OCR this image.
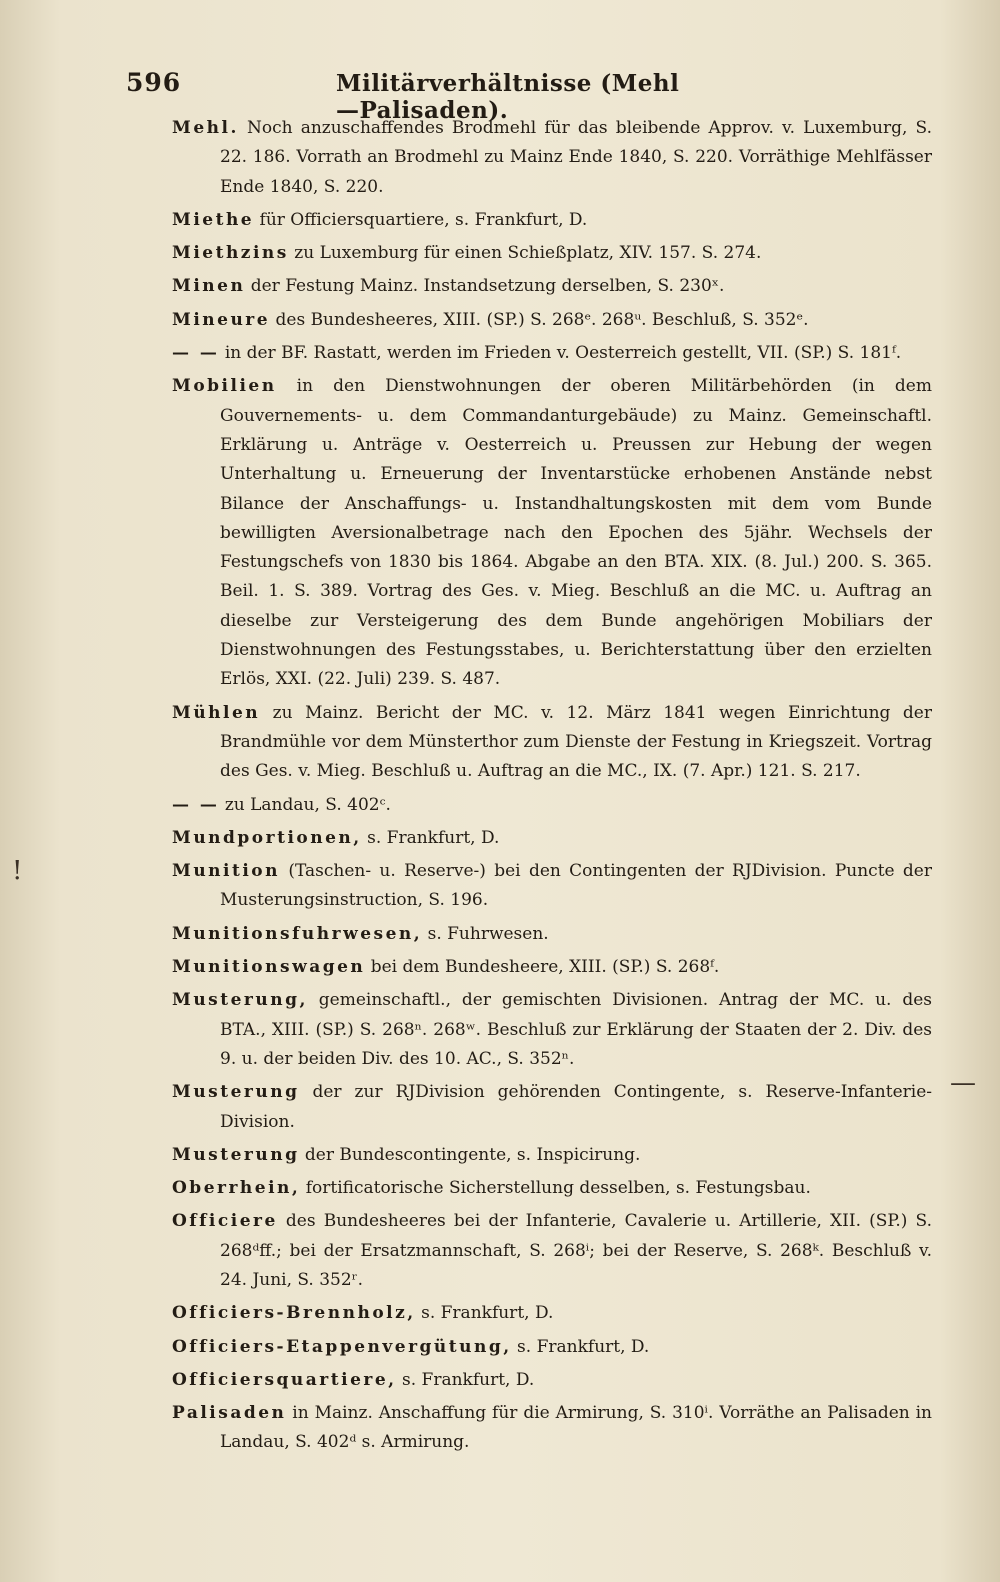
596	Militärverhältnisse (Mehl—Palisaden).

Mehl. Noch anzuschaffendes Brodmehl für das bleibende Approv. v. Luxemburg, S. 22. 186. Vorrath an Brodmehl zu Mainz Ende 1840, S. 220. Vorräthige Mehlfässer Ende 1840, S. 220.

Miethe für Officiersquartiere, s. Frankfurt, D.

Miethzins zu Luxemburg für einen Schießplatz, XIV. 157. S. 274.

Minen der Festung Mainz. Instandsetzung derselben, S. 230ˣ.

Mineure des Bundesheeres, XIII. (SP.) S. 268ᵉ. 268ᵘ. Beschluß, S. 352ᵉ.

— — in der BF. Rastatt, werden im Frieden v. Oesterreich gestellt, VII. (SP.) S. 181ᶠ.

Mobilien in den Dienstwohnungen der oberen Militärbehörden (in dem Gouvernements- u. dem Commandanturgebäude) zu Mainz. Gemeinschaftl. Erklärung u. Anträge v. Oesterreich u. Preussen zur Hebung der wegen Unterhaltung u. Erneuerung der Inventarstücke erhobenen Anstände nebst Bilance der Anschaffungs- u. Instandhaltungskosten mit dem vom Bunde bewilligten Aversionalbetrage nach den Epochen des 5jähr. Wechsels der Festungschefs von 1830 bis 1864. Abgabe an den BTA. XIX. (8. Jul.) 200. S. 365. Beil. 1. S. 389. Vortrag des Ges. v. Mieg. Beschluß an die MC. u. Auftrag an dieselbe zur Versteigerung des dem Bunde angehörigen Mobiliars der Dienstwohnungen des Festungsstabes, u. Berichterstattung über den erzielten Erlös, XXI. (22. Juli) 239. S. 487.

Mühlen zu Mainz. Bericht der MC. v. 12. März 1841 wegen Einrichtung der Brandmühle vor dem Münsterthor zum Dienste der Festung in Kriegszeit. Vortrag des Ges. v. Mieg. Beschluß u. Auftrag an die MC., IX. (7. Apr.) 121. S. 217.

— — zu Landau, S. 402ᶜ.

Mundportionen, s. Frankfurt, D.

Munition (Taschen- u. Reserve-) bei den Contingenten der RJDivision. Puncte der Musterungsinstruction, S. 196.

Munitionsfuhrwesen, s. Fuhrwesen.

Munitionswagen bei dem Bundesheere, XIII. (SP.) S. 268ᶠ.

Musterung, gemeinschaftl., der gemischten Divisionen. Antrag der MC. u. des BTA., XIII. (SP.) S. 268ⁿ. 268ʷ. Beschluß zur Erklärung der Staaten der 2. Div. des 9. u. der beiden Div. des 10. AC., S. 352ⁿ.

Musterung der zur RJDivision gehörenden Contingente, s. Reserve-Infanterie-Division.

Musterung der Bundescontingente, s. Inspicirung.

Oberrhein, fortificatorische Sicherstellung desselben, s. Festungsbau.

Officiere des Bundesheeres bei der Infanterie, Cavalerie u. Artillerie, XII. (SP.) S. 268ᵈff.; bei der Ersatzmannschaft, S. 268ⁱ; bei der Reserve, S. 268ᵏ. Beschluß v. 24. Juni, S. 352ʳ.

Officiers-Brennholz, s. Frankfurt, D.

Officiers-Etappenvergütung, s. Frankfurt, D.

Officiersquartiere, s. Frankfurt, D.

Palisaden in Mainz. Anschaffung für die Armirung, S. 310ⁱ. Vorräthe an Palisaden in Landau, S. 402ᵈ s. Armirung.

!
—
